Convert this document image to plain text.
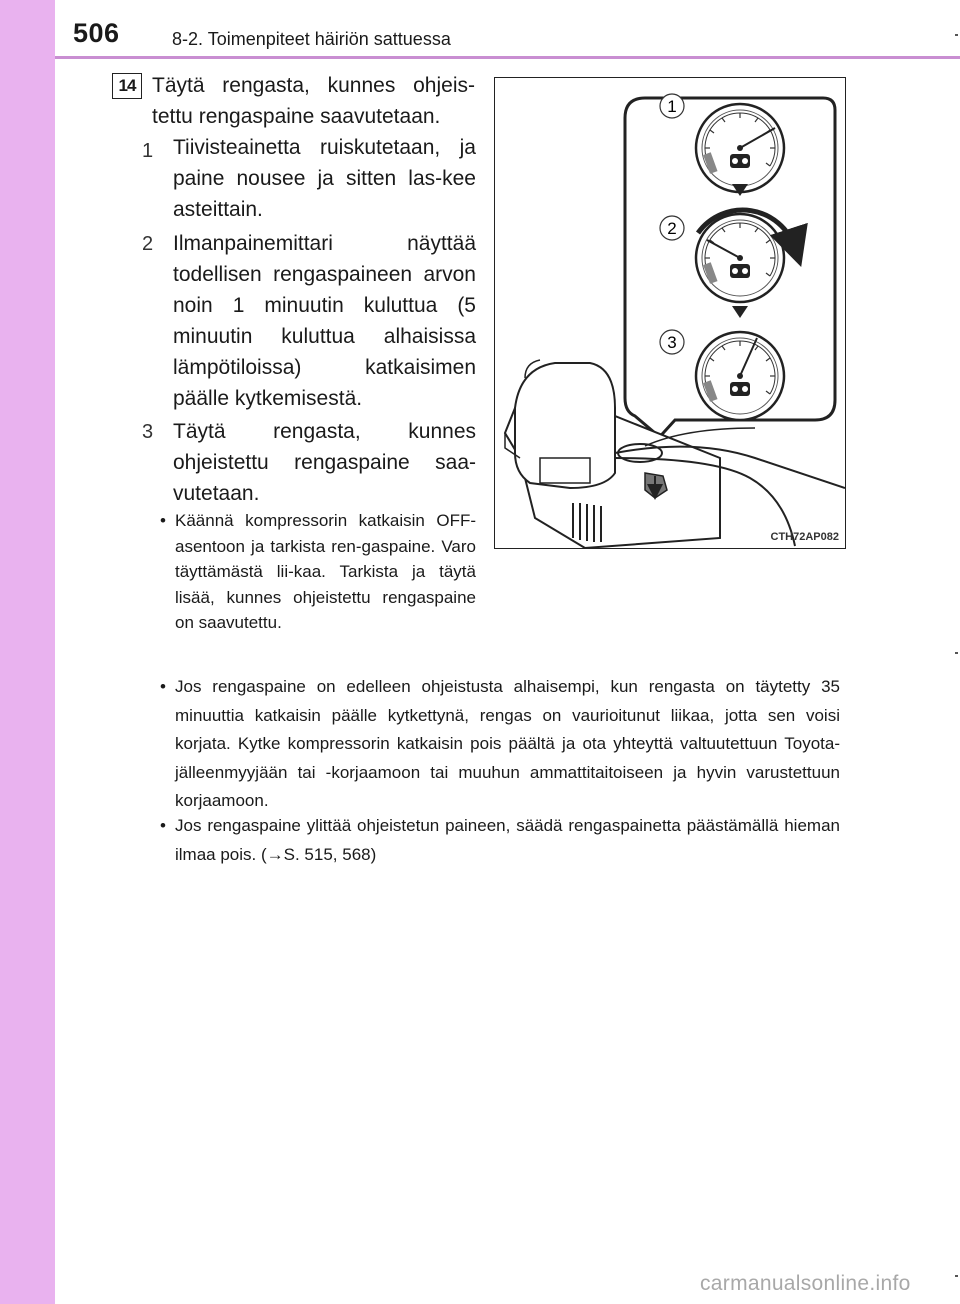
506	8-2. Toimenpiteet häiriön sattuessa
14 Täytä rengasta, kunnes ohjeis-tettu rengaspaine saavutetaan.
1 Tiivisteainetta ruiskutetaan, ja paine nousee ja sitten las-kee asteittain.
2 Ilmanpainemittari näyttää todellisen rengaspaineen arvon noin 1 minuutin kuluttua (5 minuutin kuluttua alhaisissa lämpötiloissa) katkaisimen päälle kytkemisestä.
3 Täytä rengasta, kunnes ohjeistettu rengaspaine saa-vutetaan.
• Käännä kompressorin katkaisin OFF-asentoon ja tarkista ren-gaspaine. Varo täyttämästä lii-kaa. Tarkista ja täytä lisää, kunnes ohjeistettu rengaspaine on saavutettu.
• Jos rengaspaine on edelleen ohjeistusta alhaisempi, kun rengasta on täytetty 35 minuuttia katkaisin päälle kytkettynä, rengas on vaurioitunut liikaa, jotta sen voisi korjata. Kytke kompressorin katkaisin pois päältä ja ota yhteyttä valtuutettuun Toyota-jälleenmyyjään tai -korjaamoon tai muuhun ammattitaitoiseen ja hyvin varustettuun korjaamoon.
• Jos rengaspaine ylittää ohjeistetun paineen, säädä rengaspainetta päästämällä hieman ilmaa pois. (→S. 515, 568)
1
2
3
CTH72AP082
carmanualsonline.info
